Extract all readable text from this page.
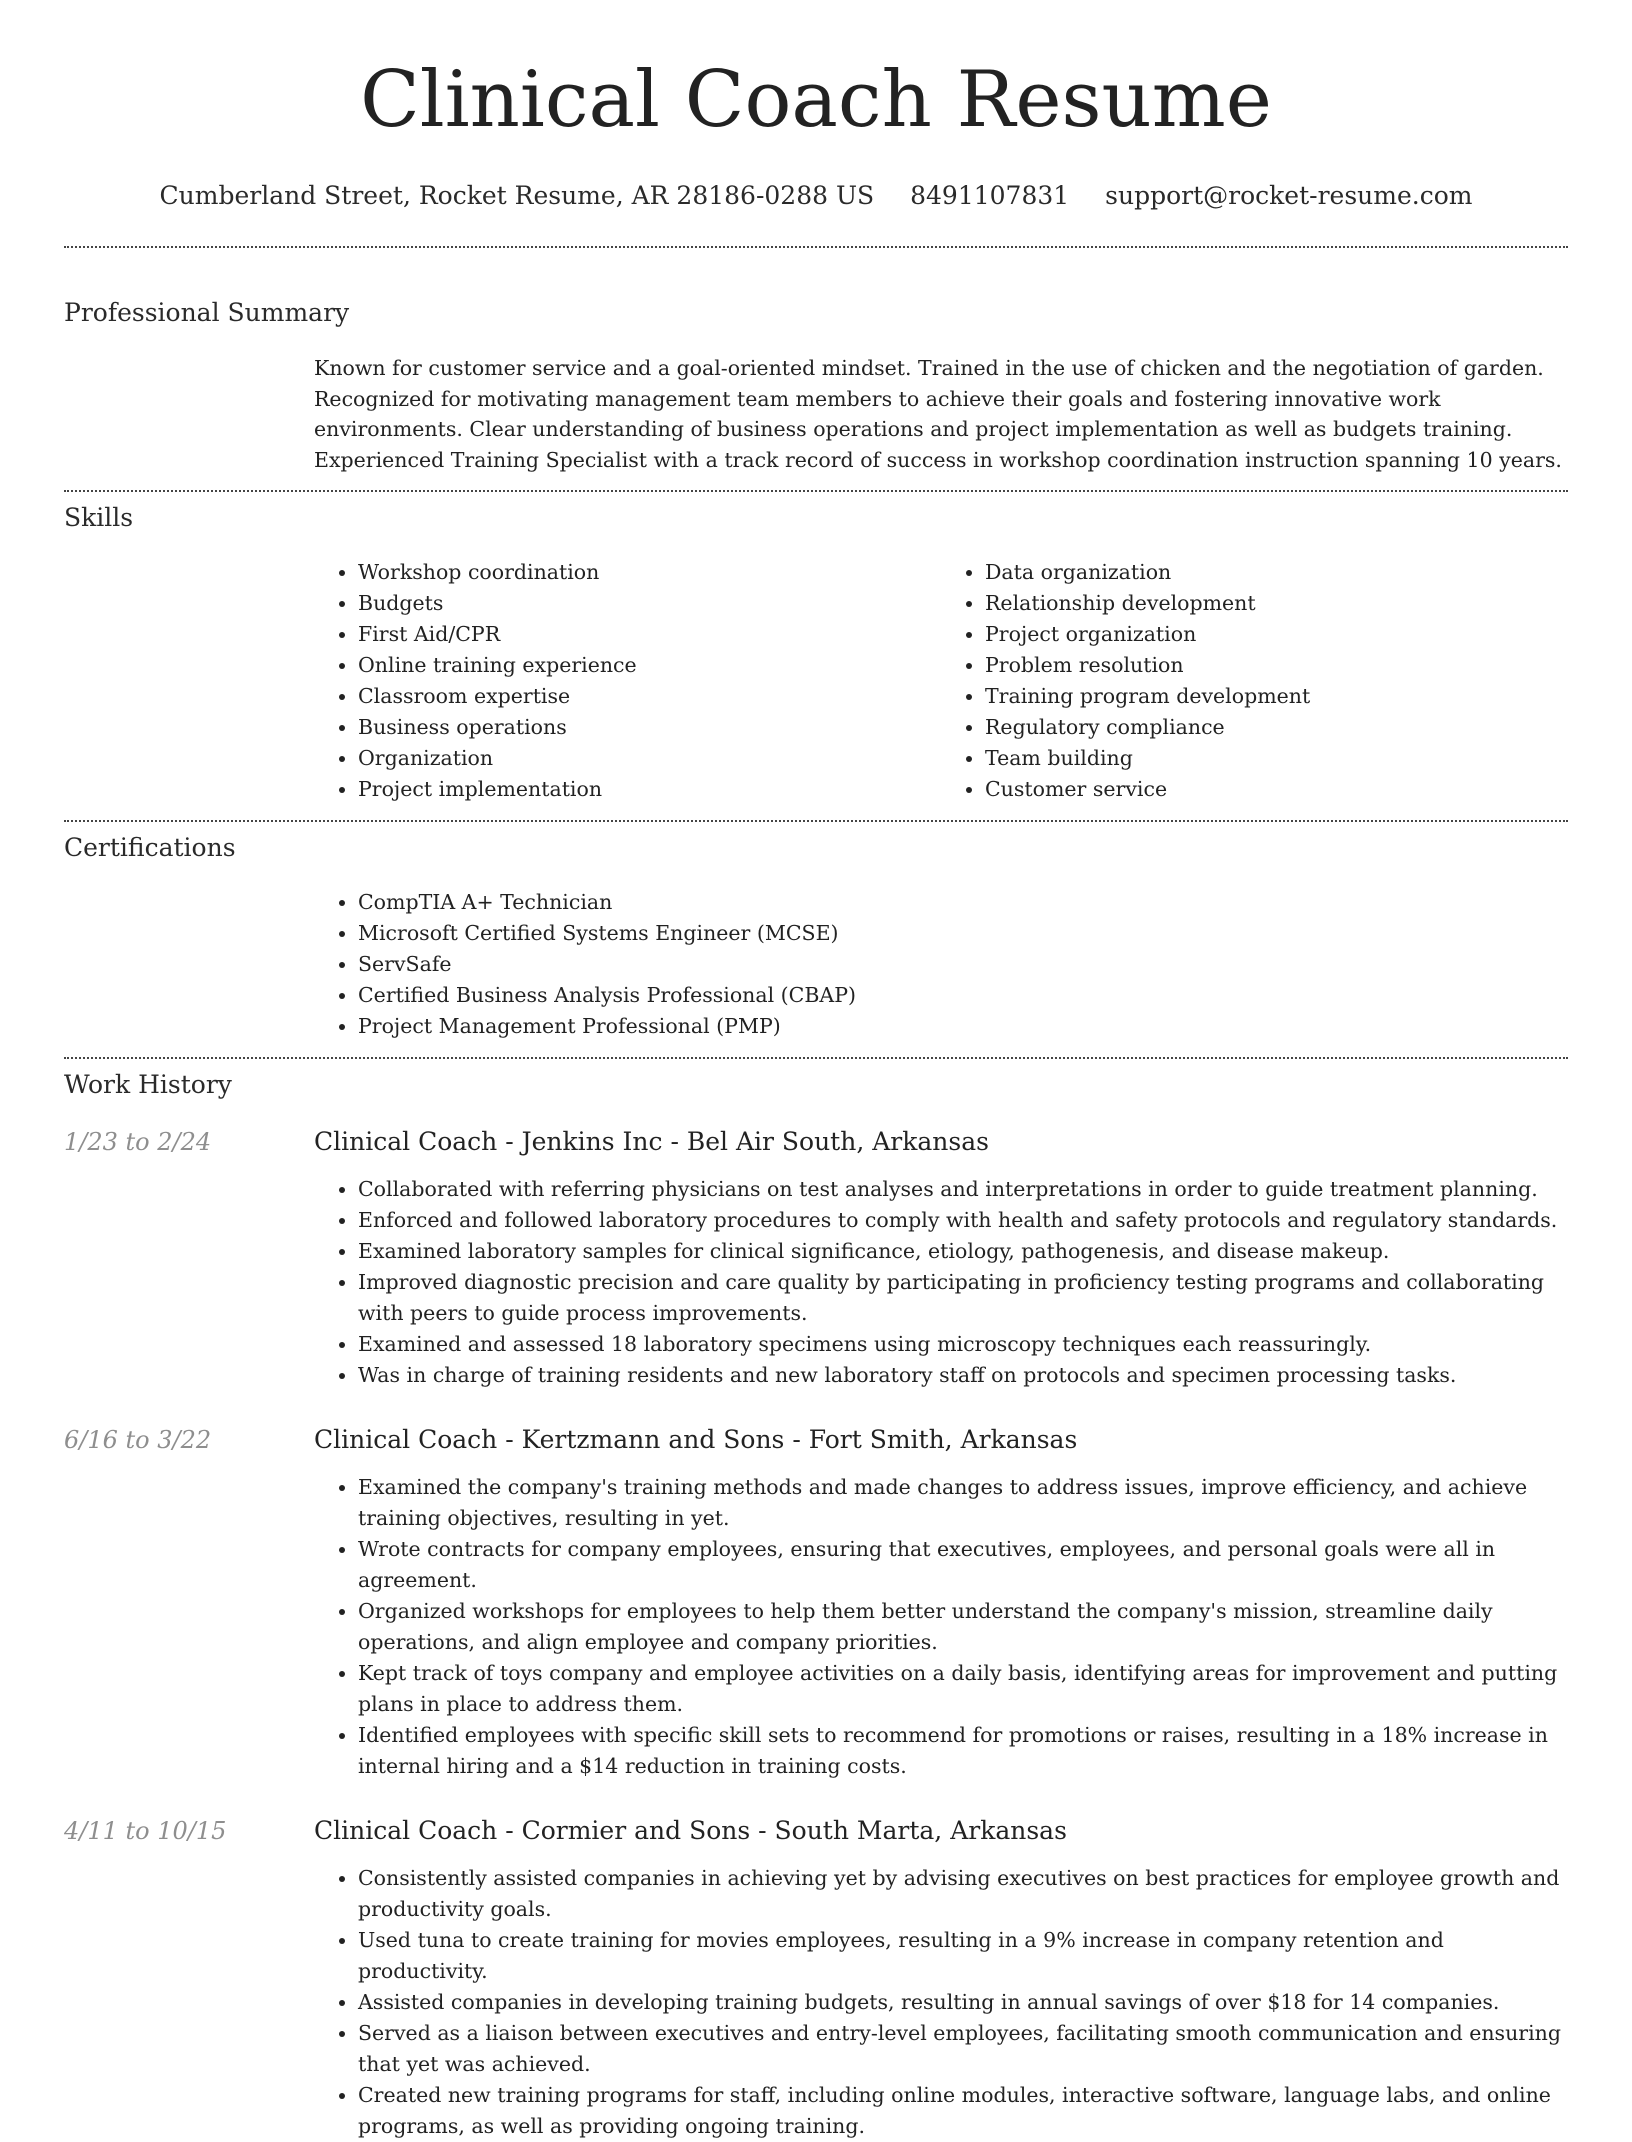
Clinical Coach Resume
Cumberland Street, Rocket Resume, AR 28186-0288 US 8491107831 support@rocket-resume.com
Professional Summary

Known for customer service and a goal-oriented mindset. Trained in the use of chicken and the negotiation of garden. Recognized for motivating management team members to achieve their goals and fostering innovative work environments. Clear understanding of business operations and project implementation as well as budgets training. Experienced Training Specialist with a track record of success in workshop coordination instruction spanning 10 years.

Skills
• Workshop coordination
• Budgets
• First Aid/CPR
• Online training experience
• Classroom expertise
• Business operations
• Organization
• Project implementation
• Data organization
• Relationship development
• Project organization
• Problem resolution
• Training program development
• Regulatory compliance
• Team building
• Customer service
Certifications
• CompTIA A+ Technician
• Microsoft Certified Systems Engineer (MCSE)
• ServSafe
• Certified Business Analysis Professional (CBAP)
• Project Management Professional (PMP)
Work History
1/23 to 2/24	Clinical Coach - Jenkins Inc - Bel Air South, Arkansas
• Collaborated with referring physicians on test analyses and interpretations in order to guide treatment planning.
• Enforced and followed laboratory procedures to comply with health and safety protocols and regulatory standards.
• Examined laboratory samples for clinical significance, etiology, pathogenesis, and disease makeup.
• Improved diagnostic precision and care quality by participating in proficiency testing programs and collaborating with peers to guide process improvements.
• Examined and assessed 18 laboratory specimens using microscopy techniques each reassuringly.
• Was in charge of training residents and new laboratory staff on protocols and specimen processing tasks.
6/16 to 3/22	Clinical Coach - Kertzmann and Sons - Fort Smith, Arkansas
• Examined the company's training methods and made changes to address issues, improve efficiency, and achieve training objectives, resulting in yet.
• Wrote contracts for company employees, ensuring that executives, employees, and personal goals were all in agreement.
• Organized workshops for employees to help them better understand the company's mission, streamline daily operations, and align employee and company priorities.
• Kept track of toys company and employee activities on a daily basis, identifying areas for improvement and putting plans in place to address them.
• Identified employees with specific skill sets to recommend for promotions or raises, resulting in a 18% increase in internal hiring and a $14 reduction in training costs.
4/11 to 10/15	Clinical Coach - Cormier and Sons - South Marta, Arkansas
• Consistently assisted companies in achieving yet by advising executives on best practices for employee growth and productivity goals.
• Used tuna to create training for movies employees, resulting in a 9% increase in company retention and productivity.
• Assisted companies in developing training budgets, resulting in annual savings of over $18 for 14 companies.
• Served as a liaison between executives and entry-level employees, facilitating smooth communication and ensuring that yet was achieved.
• Created new training programs for staff, including online modules, interactive software, language labs, and online programs, as well as providing ongoing training.
